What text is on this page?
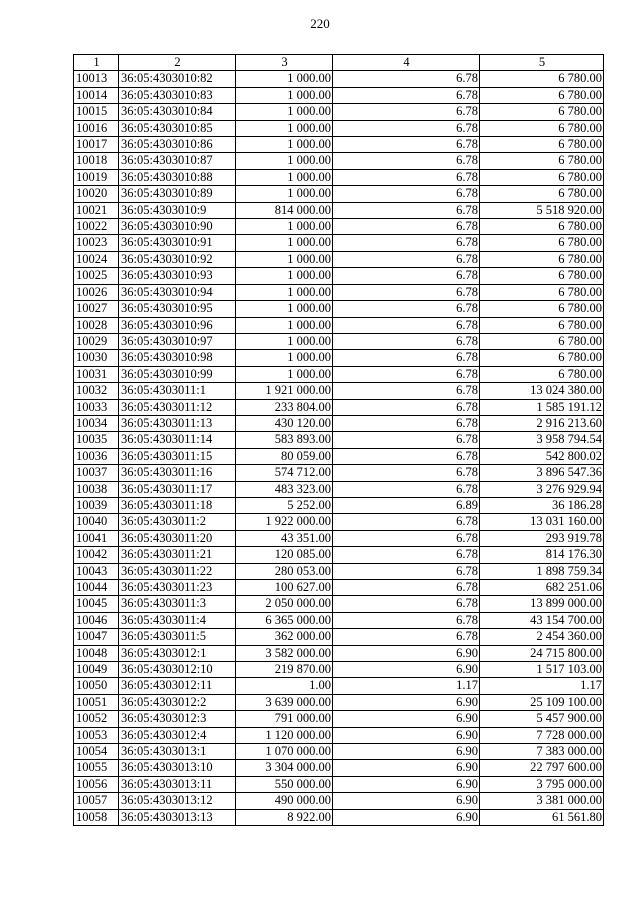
220
1	2	3	4	5
10013	36:05:4303010:82	1 000.00	6.78	6 780.00
10014	36:05:4303010:83	1 000.00	6.78	6 780.00
10015	36:05:4303010:84	1 000.00	6.78	6 780.00
10016	36:05:4303010:85	1 000.00	6.78	6 780.00
10017	36:05:4303010:86	1 000.00	6.78	6 780.00
10018	36:05:4303010:87	1 000.00	6.78	6 780.00
10019	36:05:4303010:88	1 000.00	6.78	6 780.00
10020	36:05:4303010:89	1 000.00	6.78	6 780.00
10021	36:05:4303010:9	814 000.00	6.78	5 518 920.00
10022	36:05:4303010:90	1 000.00	6.78	6 780.00
10023	36:05:4303010:91	1 000.00	6.78	6 780.00
10024	36:05:4303010:92	1 000.00	6.78	6 780.00
10025	36:05:4303010:93	1 000.00	6.78	6 780.00
10026	36:05:4303010:94	1 000.00	6.78	6 780.00
10027	36:05:4303010:95	1 000.00	6.78	6 780.00
10028	36:05:4303010:96	1 000.00	6.78	6 780.00
10029	36:05:4303010:97	1 000.00	6.78	6 780.00
10030	36:05:4303010:98	1 000.00	6.78	6 780.00
10031	36:05:4303010:99	1 000.00	6.78	6 780.00
10032	36:05:4303011:1	1 921 000.00	6.78	13 024 380.00
10033	36:05:4303011:12	233 804.00	6.78	1 585 191.12
10034	36:05:4303011:13	430 120.00	6.78	2 916 213.60
10035	36:05:4303011:14	583 893.00	6.78	3 958 794.54
10036	36:05:4303011:15	80 059.00	6.78	542 800.02
10037	36:05:4303011:16	574 712.00	6.78	3 896 547.36
10038	36:05:4303011:17	483 323.00	6.78	3 276 929.94
10039	36:05:4303011:18	5 252.00	6.89	36 186.28
10040	36:05:4303011:2	1 922 000.00	6.78	13 031 160.00
10041	36:05:4303011:20	43 351.00	6.78	293 919.78
10042	36:05:4303011:21	120 085.00	6.78	814 176.30
10043	36:05:4303011:22	280 053.00	6.78	1 898 759.34
10044	36:05:4303011:23	100 627.00	6.78	682 251.06
10045	36:05:4303011:3	2 050 000.00	6.78	13 899 000.00
10046	36:05:4303011:4	6 365 000.00	6.78	43 154 700.00
10047	36:05:4303011:5	362 000.00	6.78	2 454 360.00
10048	36:05:4303012:1	3 582 000.00	6.90	24 715 800.00
10049	36:05:4303012:10	219 870.00	6.90	1 517 103.00
10050	36:05:4303012:11	1.00	1.17	1.17
10051	36:05:4303012:2	3 639 000.00	6.90	25 109 100.00
10052	36:05:4303012:3	791 000.00	6.90	5 457 900.00
10053	36:05:4303012:4	1 120 000.00	6.90	7 728 000.00
10054	36:05:4303013:1	1 070 000.00	6.90	7 383 000.00
10055	36:05:4303013:10	3 304 000.00	6.90	22 797 600.00
10056	36:05:4303013:11	550 000.00	6.90	3 795 000.00
10057	36:05:4303013:12	490 000.00	6.90	3 381 000.00
10058	36:05:4303013:13	8 922.00	6.90	61 561.80
